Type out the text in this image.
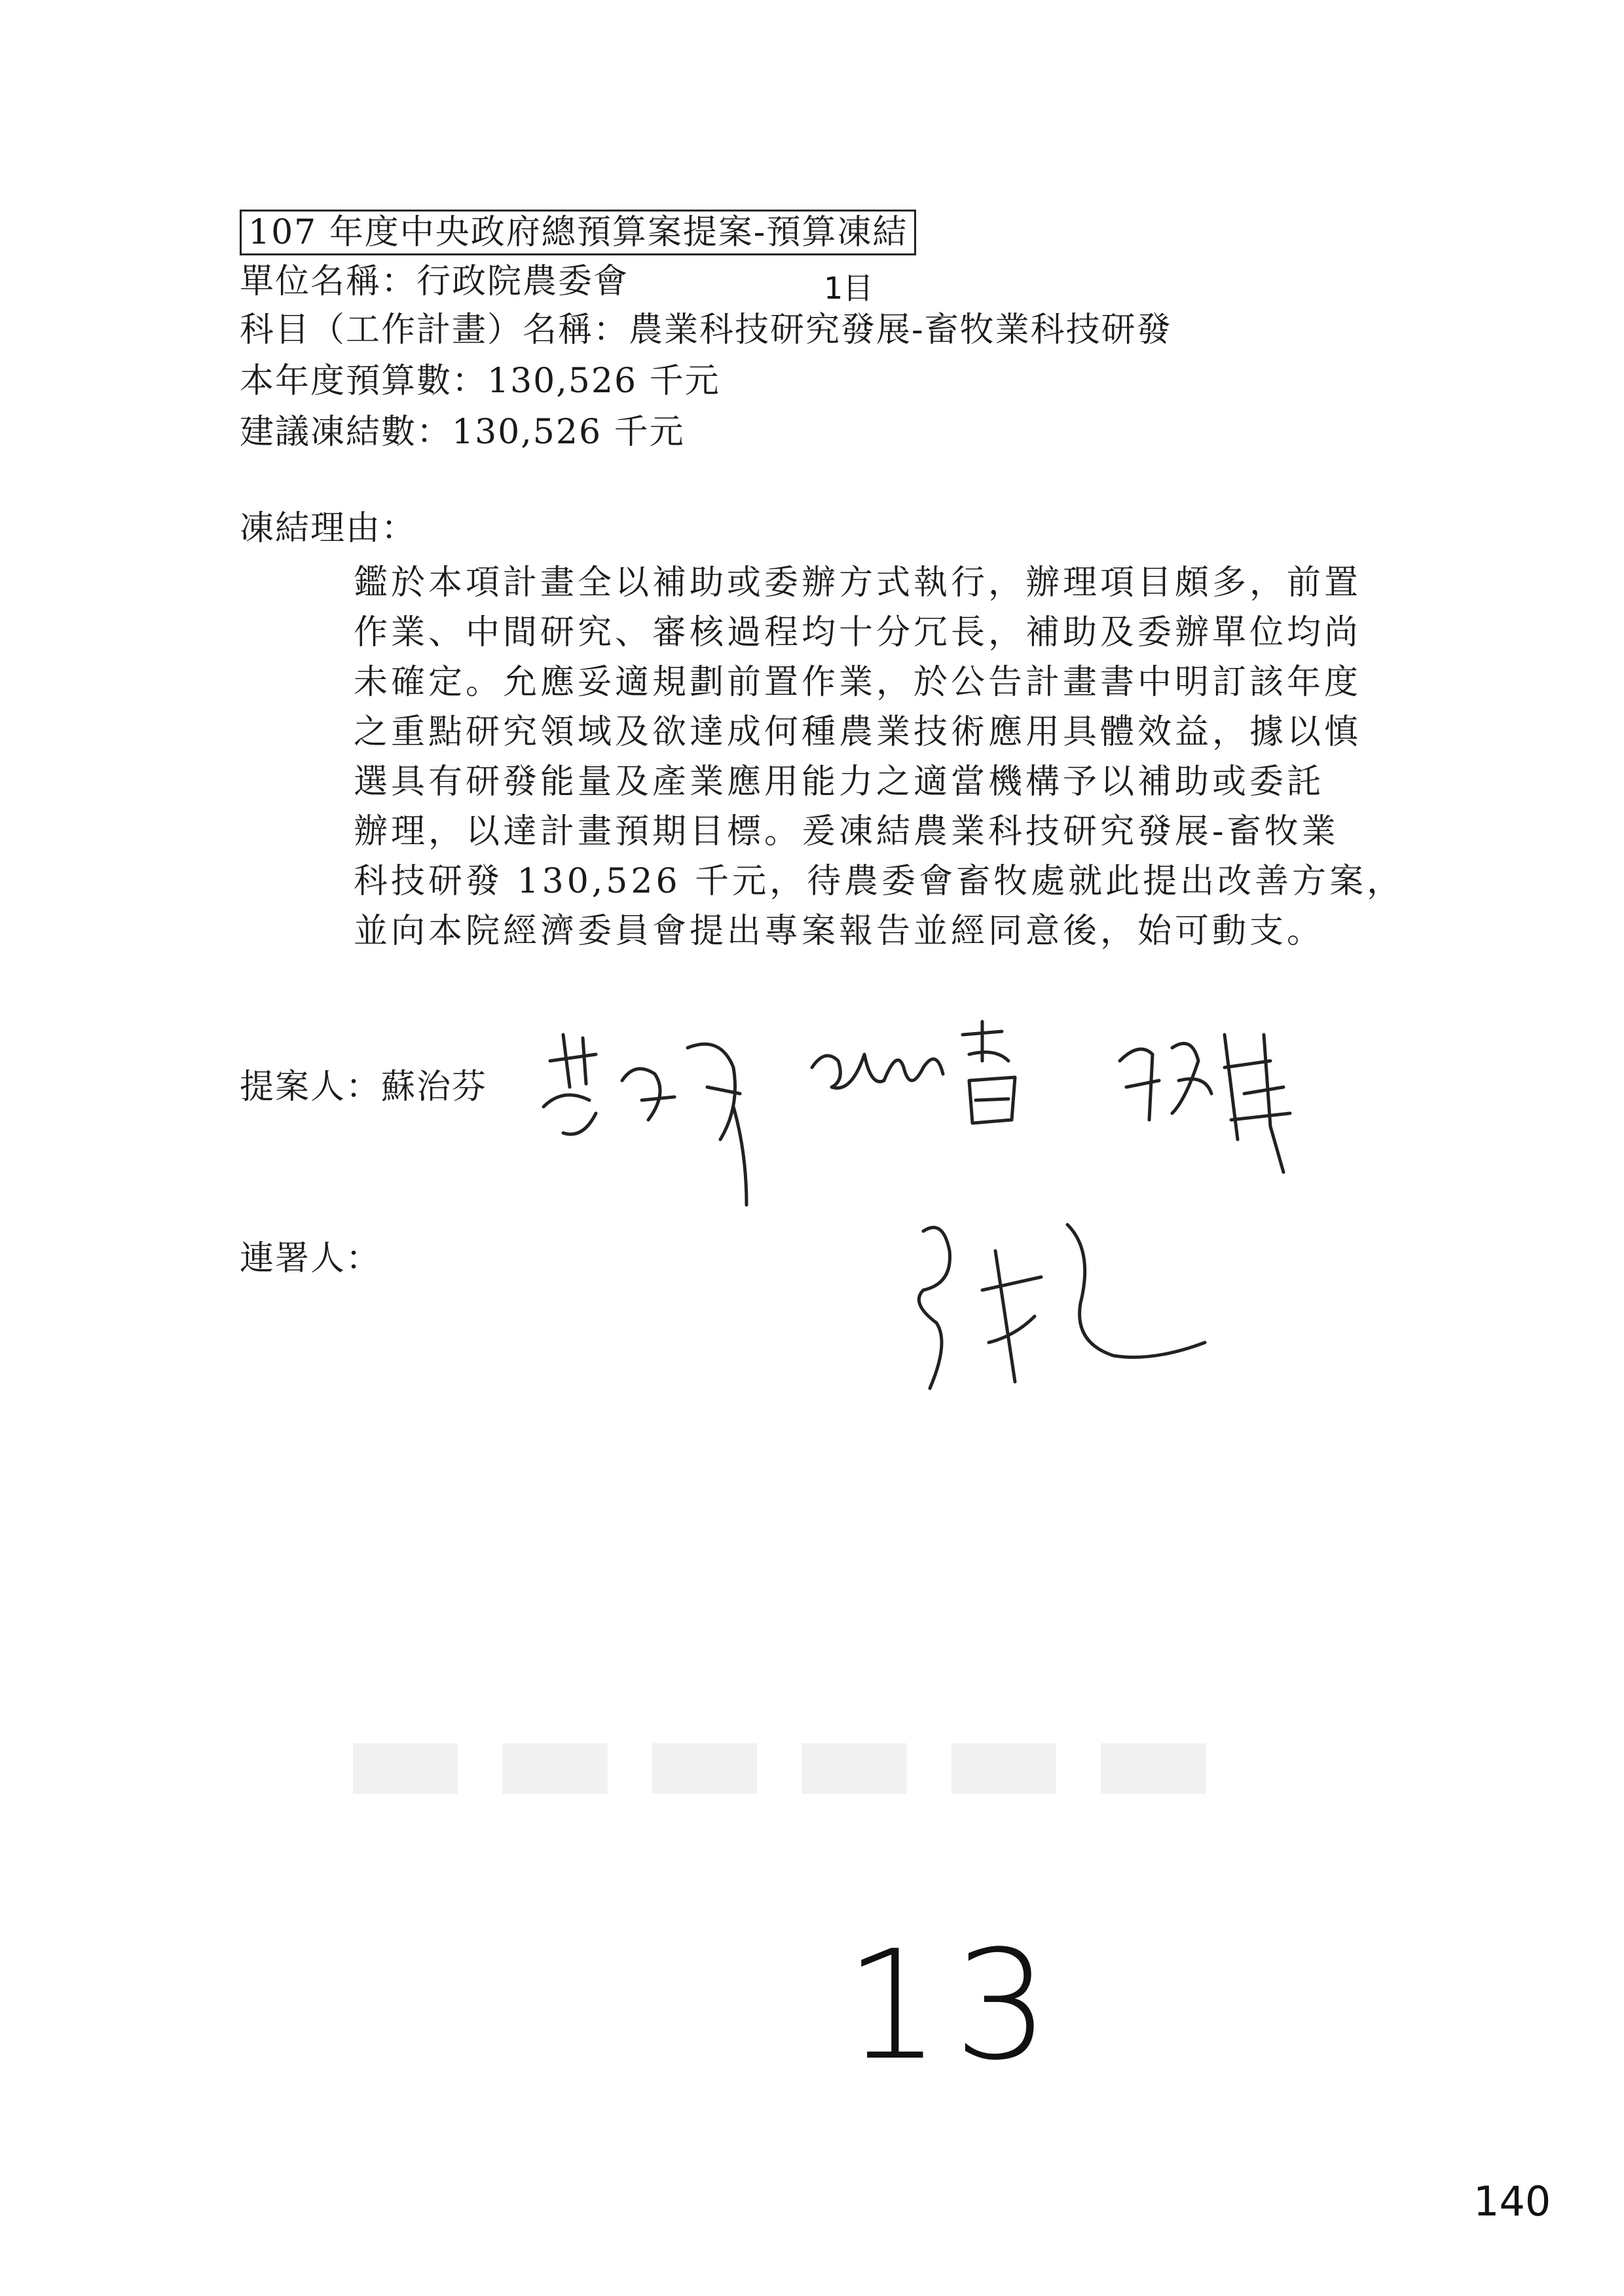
107 年度中央政府總預算案提案-預算凍結
單位名稱：行政院農委會	1目
科目（工作計畫）名稱：農業科技研究發展-畜牧業科技研發
本年度預算數：130,526 千元
建議凍結數：130,526 千元
凍結理由：
鑑於本項計畫全以補助或委辦方式執行，辦理項目頗多，前置
作業、中間研究、審核過程均十分冗長，補助及委辦單位均尚
未確定。允應妥適規劃前置作業，於公告計畫書中明訂該年度
之重點研究領域及欲達成何種農業技術應用具體效益，據以慎
選具有研發能量及產業應用能力之適當機構予以補助或委託
辦理，以達計畫預期目標。爰凍結農業科技研究發展-畜牧業
科技研發 130,526 千元，待農委會畜牧處就此提出改善方案，
並向本院經濟委員會提出專案報告並經同意後，始可動支。
提案人：蘇治芬
連署人：
▬▬▬▬▬▬
13
140
